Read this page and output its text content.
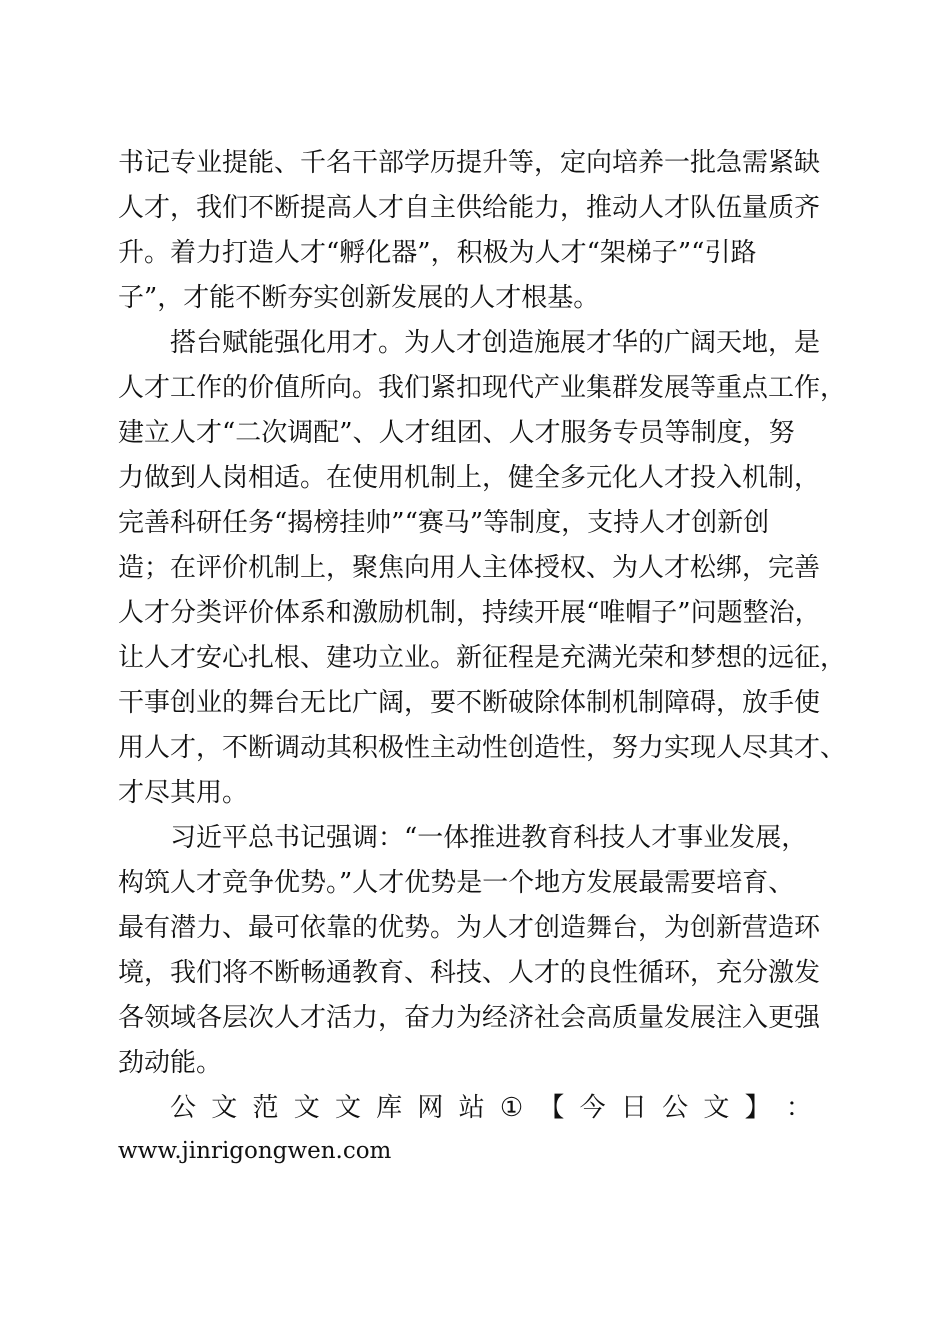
书记专业提能、千名干部学历提升等，定向培养一批急需紧缺
人才，我们不断提高人才自主供给能力，推动人才队伍量质齐
升。着力打造人才“孵化器”，积极为人才“架梯子”“引路
子”，才能不断夯实创新发展的人才根基。
搭台赋能强化用才。为人才创造施展才华的广阔天地，是
人才工作的价值所向。我们紧扣现代产业集群发展等重点工作，
建立人才“二次调配”、人才组团、人才服务专员等制度，努
力做到人岗相适。在使用机制上，健全多元化人才投入机制，
完善科研任务“揭榜挂帅”“赛马”等制度，支持人才创新创
造；在评价机制上，聚焦向用人主体授权、为人才松绑，完善
人才分类评价体系和激励机制，持续开展“唯帽子”问题整治，
让人才安心扎根、建功立业。新征程是充满光荣和梦想的远征，
干事创业的舞台无比广阔，要不断破除体制机制障碍，放手使
用人才，不断调动其积极性主动性创造性，努力实现人尽其才、
才尽其用。
习近平总书记强调：“一体推进教育科技人才事业发展，
构筑人才竞争优势。”人才优势是一个地方发展最需要培育、
最有潜力、最可依靠的优势。为人才创造舞台，为创新营造环
境，我们将不断畅通教育、科技、人才的良性循环，充分激发
各领域各层次人才活力，奋力为经济社会高质量发展注入更强
劲动能。
公 文 范 文 文 库 网 站 ① 【 今 日 公 文 】 ：
www.jinrigongwen.com
